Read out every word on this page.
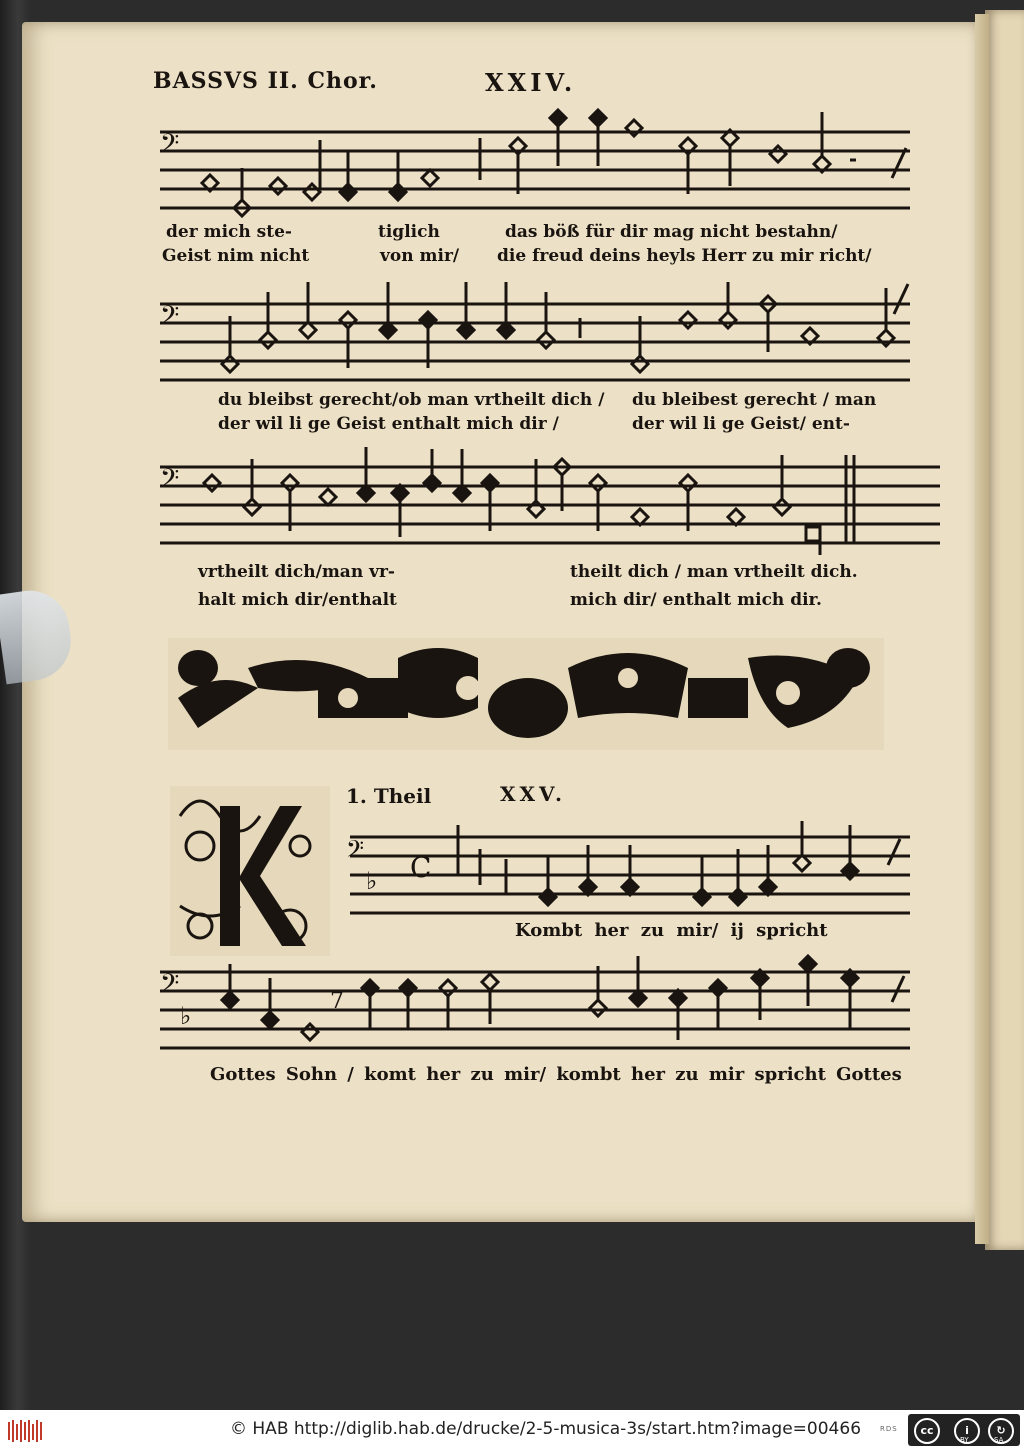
BASSVS II. Chor.	XXIV.
𝄢
der mich ste-	tiglich	das böß für dir mag nicht bestahn/
Geist nim nicht	von mir/ die freud deins heyls Herr zu mir richt/
𝄢
du bleibst gerecht/ob man vrtheilt dich / du bleibest gerecht / man
der wil li ge Geist enthalt mich dir /	der wil li ge Geist/ ent-
𝄢
vrtheilt dich/man vr-	theilt dich / man vrtheilt dich.
halt mich dir/enthalt	mich dir/ enthalt mich dir.
1. Theil	XXV.
𝄢
♭ C
Kombt her zu mir/ ij spricht
𝄢
♭
7
Gottes Sohn / komt her zu mir/ kombt her zu mir spricht Gottes
© HAB http://diglib.hab.de/drucke/2-5-musica-3s/start.htm?image=00466	RDS	cc	i	↻
BY	SA
